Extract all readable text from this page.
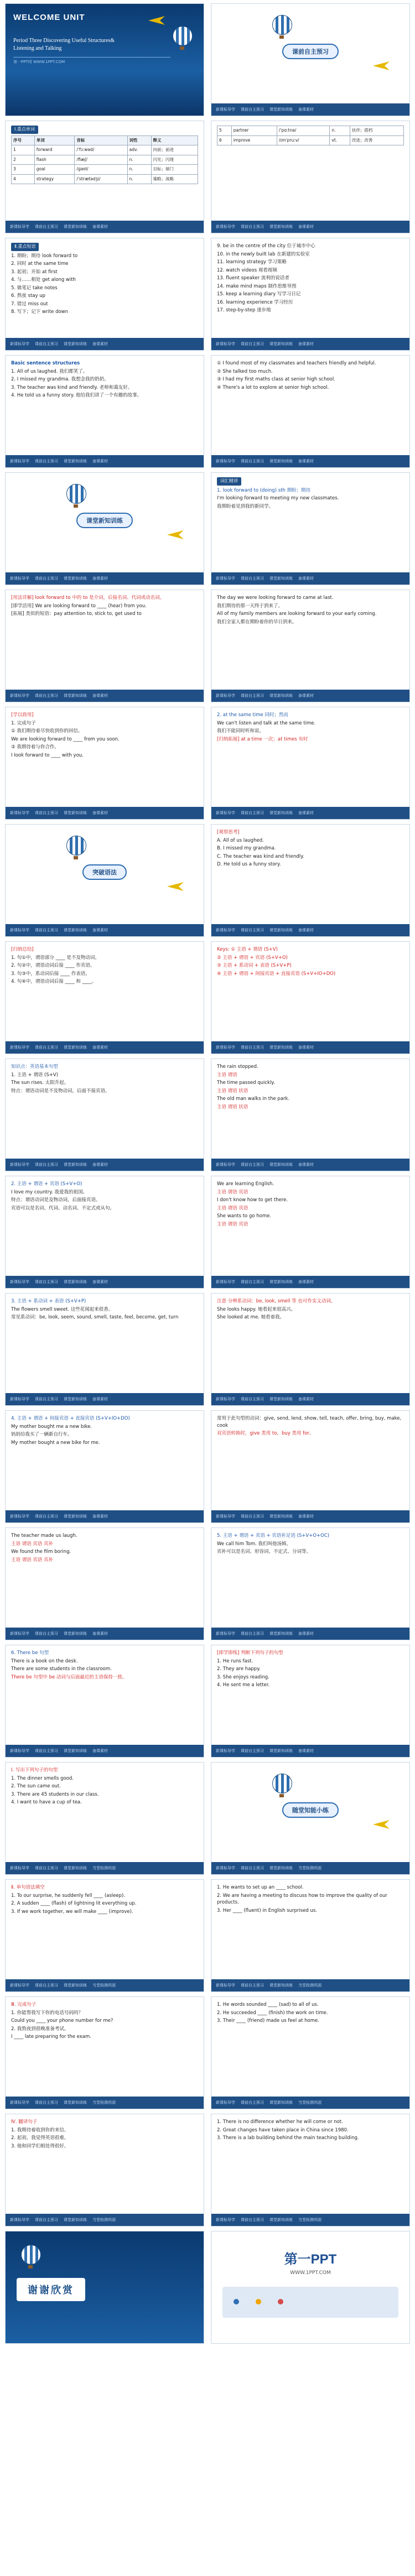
WELCOME UNIT
Period Three Discovering Useful Structures&
Listening and Talking
第一PPT网 WWW.1PPT.COM
课前自主预习
新课标导学 课前自主预习 课堂新知训练 备课素材
Ⅰ.重点单词
序号	单词	音标	词性	释义
1	forward	/ˈfɔːwəd/	adv.	向前；前进
2	flash	/flæʃ/	n.	闪光；闪现
3	goal	/ɡəʊl/	n.	目标；球门
4	strategy	/ˈstrætədʒi/	n.	策略；战略
新课标导学 课前自主预习 课堂新知训练 备课素材
5	partner	/ˈpɑːtnə/	n.	伙伴；搭档
6	improve	/ɪmˈpruːv/	vt.	改进；改善
新课标导学 课前自主预习 课堂新知训练 备课素材
Ⅱ.重点短语

1. 期盼；期待 look forward to

2. 同时 at the same time

3. 起初；开始 at first

4. 与……相处 get along with

5. 做笔记 take notes

6. 熬夜 stay up

7. 错过 miss out

8. 写下；记下 write down

新课标导学 课前自主预习 课堂新知训练 备课素材

9. be in the centre of the city 位于城市中心

10. in the newly built lab 在新建的实验室

11. learning strategy 学习策略

12. watch videos 观看视频

13. fluent speaker 流利的说话者

14. make mind maps 制作思维导图

15. keep a learning diary 写学习日记

16. learning experience 学习经历

17. step-by-step 逐步地

新课标导学 课前自主预习 课堂新知训练 备课素材

Basic sentence structures

1. All of us laughed. 我们都笑了。

2. I missed my grandma. 我想念我的奶奶。

3. The teacher was kind and friendly. 老师和蔼友好。

4. He told us a funny story. 他给我们讲了一个有趣的故事。

新课标导学 课前自主预习 课堂新知训练 备课素材

① I found most of my classmates and teachers friendly and helpful.

② She talked too much.

③ I had my first maths class at senior high school.

④ There's a lot to explore at senior high school.

新课标导学 课前自主预习 课堂新知训练 备课素材
课堂新知训练
新课标导学 课前自主预习 课堂新知训练 备课素材
词汇精讲

1. look forward to (doing) sth 期盼；期待

I'm looking forward to meeting my new classmates.

我期盼着见到我的新同学。

新课标导学 课前自主预习 课堂新知训练 备课素材

[用法详解] look forward to 中的 to 是介词，后接名词、代词或动名词。

[即学活用] We are looking forward to ____ (hear) from you.

[拓展] 类似的短语：pay attention to, stick to, get used to

新课标导学 课前自主预习 课堂新知训练 备课素材

The day we were looking forward to came at last.

我们期待的那一天终于到来了。

All of my family members are looking forward to your early coming.

我们全家人都在期盼着你的早日到来。

新课标导学 课前自主预习 课堂新知训练 备课素材

[学以致用]

1. 完成句子

① 我们期待着尽快收到你的回信。

We are looking forward to ____ from you soon.

② 我期待着与你合作。

I look forward to ____ with you.

新课标导学 课前自主预习 课堂新知训练 备课素材

2. at the same time 同时；然而

We can't listen and talk at the same time.

我们不能同时听和说。

[归纳拓展] at a time 一次；at times 有时

新课标导学 课前自主预习 课堂新知训练 备课素材
突破语法
新课标导学 课前自主预习 课堂新知训练 备课素材

[观察思考]

A. All of us laughed.

B. I missed my grandma.

C. The teacher was kind and friendly.

D. He told us a funny story.

新课标导学 课前自主预习 课堂新知训练 备课素材

[归纳总结]

1. 句①中，谓语部分 ____ 是不及物动词。

2. 句②中，谓语动词后接 ____ 作宾语。

3. 句③中，系动词后接 ____ 作表语。

4. 句④中，谓语动词后接 ____ 和 ____。

新课标导学 课前自主预习 课堂新知训练 备课素材

Keys: ① 主语 + 谓语 (S+V)

② 主语 + 谓语 + 宾语 (S+V+O)

③ 主语 + 系动词 + 表语 (S+V+P)

④ 主语 + 谓语 + 间接宾语 + 直接宾语 (S+V+IO+DO)

新课标导学 课前自主预习 课堂新知训练 备课素材

知识点：英语基本句型

1. 主语 + 谓语 (S+V)

The sun rises. 太阳升起。

特点：谓语动词是不及物动词，后面不接宾语。

新课标导学 课前自主预习 课堂新知训练 备课素材

The rain stopped.

主语 谓语

The time passed quickly.

主语 谓语 状语

The old man walks in the park.

主语 谓语 状语

新课标导学 课前自主预习 课堂新知训练 备课素材

2. 主语 + 谓语 + 宾语 (S+V+O)

I love my country. 我爱我的祖国。

特点：谓语动词是及物动词，后面接宾语。

宾语可以是名词、代词、动名词、不定式或从句。

新课标导学 课前自主预习 课堂新知训练 备课素材

We are learning English.

主语 谓语 宾语

I don't know how to get there.

主语 谓语 宾语

She wants to go home.

主语 谓语 宾语

新课标导学 课前自主预习 课堂新知训练 备课素材

3. 主语 + 系动词 + 表语 (S+V+P)

The flowers smell sweet. 这些花闻起来很香。

常见系动词：be, look, seem, sound, smell, taste, feel, become, get, turn

新课标导学 课前自主预习 课堂新知训练 备课素材

注意 分辨系动词：be, look, smell 等 也可作实义动词。

She looks happy. 她看起来很高兴。

She looked at me. 她看着我。

新课标导学 课前自主预习 课堂新知训练 备课素材

4. 主语 + 谓语 + 间接宾语 + 直接宾语 (S+V+IO+DO)

My mother bought me a new bike.

妈妈给我买了一辆新自行车。

My mother bought a new bike for me.

新课标导学 课前自主预习 课堂新知训练 备课素材

常用于此句型的动词：give, send, lend, show, tell, teach, offer, bring, buy, make, cook

双宾语转换时，give 类用 to，buy 类用 for。

新课标导学 课前自主预习 课堂新知训练 备课素材

The teacher made us laugh.

主语 谓语 宾语 宾补

We found the film boring.

主语 谓语 宾语 宾补

新课标导学 课前自主预习 课堂新知训练 备课素材

5. 主语 + 谓语 + 宾语 + 宾语补足语 (S+V+O+OC)

We call him Tom. 我们叫他汤姆。

宾补可以是名词、形容词、不定式、分词等。

新课标导学 课前自主预习 课堂新知训练 备课素材

6. There be 句型

There is a book on the desk.

There are some students in the classroom.

There be 句型中 be 动词与后面最近的主语保持一致。

新课标导学 课前自主预习 课堂新知训练 备课素材

[即学即练] 判断下列句子的句型

1. He runs fast.

2. They are happy.

3. She enjoys reading.

4. He sent me a letter.

新课标导学 课前自主预习 课堂新知训练 备课素材

Ⅰ. 写出下列句子的句型

1. The dinner smells good.

2. The sun came out.

3. There are 45 students in our class.

4. I want to have a cup of tea.

新课标导学 课前自主预习 课堂新知训练 当堂检测巩固
随堂知能小练
新课标导学 课前自主预习 课堂新知训练 当堂检测巩固

Ⅱ. 单句语法填空

1. To our surprise, he suddenly fell ____ (asleep).

2. A sudden ____ (flash) of lightning lit everything up.

3. If we work together, we will make ____ (improve).

新课标导学 课前自主预习 课堂新知训练 当堂检测巩固

1. He wants to set up an ____ school.

2. We are having a meeting to discuss how to improve the quality of our products.

3. Her ____ (fluent) in English surprised us.

新课标导学 课前自主预习 课堂新知训练 当堂检测巩固

Ⅲ. 完成句子

1. 你能帮我写下你的电话号码吗？

Could you ____ your phone number for me?

2. 我熬夜到很晚准备考试。

I ____ late preparing for the exam.

新课标导学 课前自主预习 课堂新知训练 当堂检测巩固

1. He words sounded ____ (sad) to all of us.

2. He succeeded ____ (finish) the work on time.

3. Their ____ (friend) made us feel at home.

新课标导学 课前自主预习 课堂新知训练 当堂检测巩固

Ⅳ. 翻译句子

1. 我期待着收到你的来信。

2. 起初，我觉得英语很难。

3. 他和同学们相处得很好。

新课标导学 课前自主预习 课堂新知训练 当堂检测巩固

1. There is no difference whether he will come or not.

2. Great changes have taken place in China since 1980.

3. There is a lab building behind the main teaching building.

新课标导学 课前自主预习 课堂新知训练 当堂检测巩固
谢谢欣赏
第一PPT
WWW.1PPT.COM
